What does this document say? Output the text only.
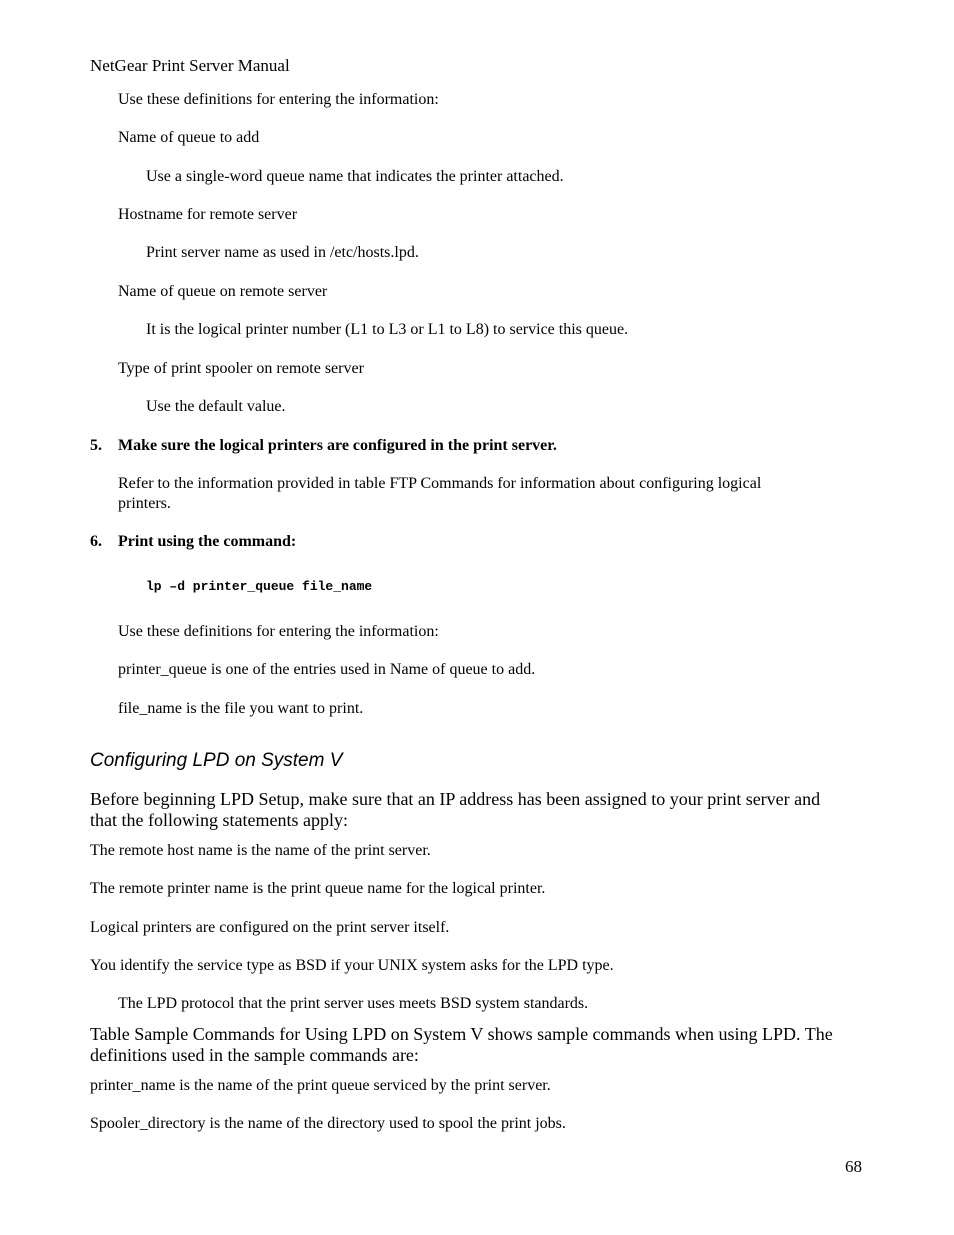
NetGear Print Server Manual
Use these definitions for entering the information:
Name of queue to add
Use a single-word queue name that indicates the printer attached.
Hostname for remote server
Print server name as used in /etc/hosts.lpd.
Name of queue on remote server
It is the logical printer number (L1 to L3 or L1 to L8) to service this queue.
Type of print spooler on remote server
Use the default value.
5. Make sure the logical printers are configured in the print server.
Refer to the information provided in table FTP Commands for information about configuring logical
printers.
6. Print using the command:
lp –d printer_queue file_name
Use these definitions for entering the information:
printer_queue is one of the entries used in Name of queue to add.
file_name is the file you want to print.
Configuring LPD on System V
Before beginning LPD Setup, make sure that an IP address has been assigned to your print server and
that the following statements apply:
The remote host name is the name of the print server.
The remote printer name is the print queue name for the logical printer.
Logical printers are configured on the print server itself.
You identify the service type as BSD if your UNIX system asks for the LPD type.
The LPD protocol that the print server uses meets BSD system standards.
Table Sample Commands for Using LPD on System V shows sample commands when using LPD. The
definitions used in the sample commands are:
printer_name is the name of the print queue serviced by the print server.
Spooler_directory is the name of the directory used to spool the print jobs.
68
